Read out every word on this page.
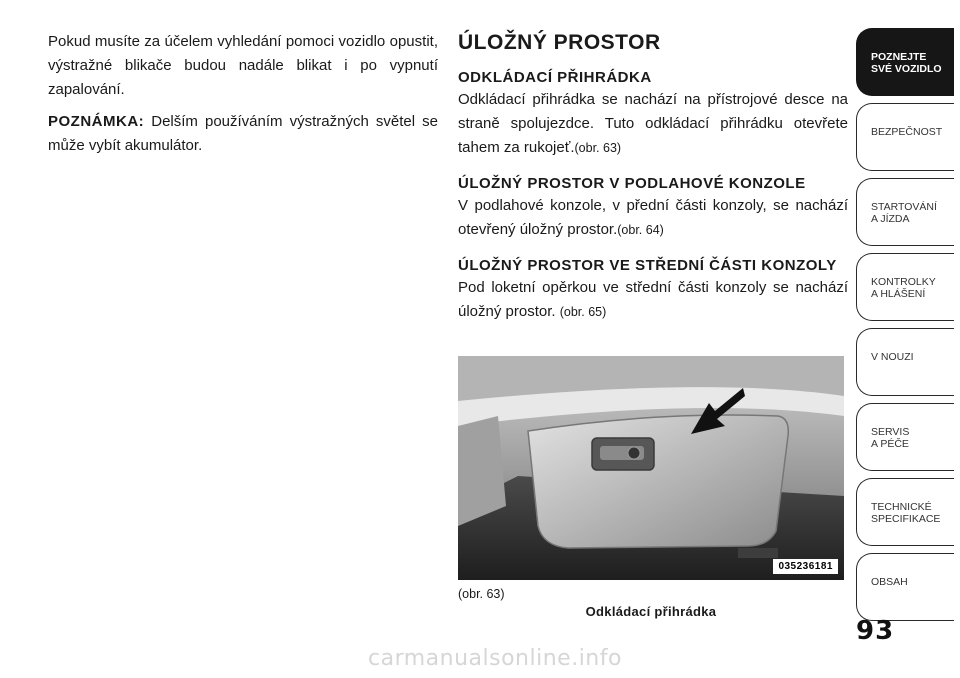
Pokud musíte za účelem vyhledání pomoci vozidlo opustit, výstražné blikače budou nadále blikat i po vypnutí zapalování.

POZNÁMKA: Delším používáním výstražných světel se může vybít akumulátor.

ÚLOŽNÝ PROSTOR
ODKLÁDACÍ PŘIHRÁDKA
Odkládací přihrádka se nachází na přístrojové desce na straně spolujezdce. Tuto odkládací přihrádku otevřete tahem za rukojeť.(obr. 63)
ÚLOŽNÝ PROSTOR V PODLAHOVÉ KONZOLE
V podlahové konzole, v přední části konzoly, se nachází otevřený úložný prostor.(obr. 64)
ÚLOŽNÝ PROSTOR VE STŘEDNÍ ČÁSTI KONZOLY
Pod loketní opěrkou ve střední části konzoly se nachází úložný prostor. (obr. 65)
035236181
(obr. 63)
Odkládací přihrádka
POZNEJTE
SVÉ VOZIDLO
BEZPEČNOST
STARTOVÁNÍ
A JÍZDA
KONTROLKY
A HLÁŠENÍ
V NOUZI
SERVIS
A PÉČE
TECHNICKÉ
SPECIFIKACE
OBSAH
93
carmanualsonline.info
